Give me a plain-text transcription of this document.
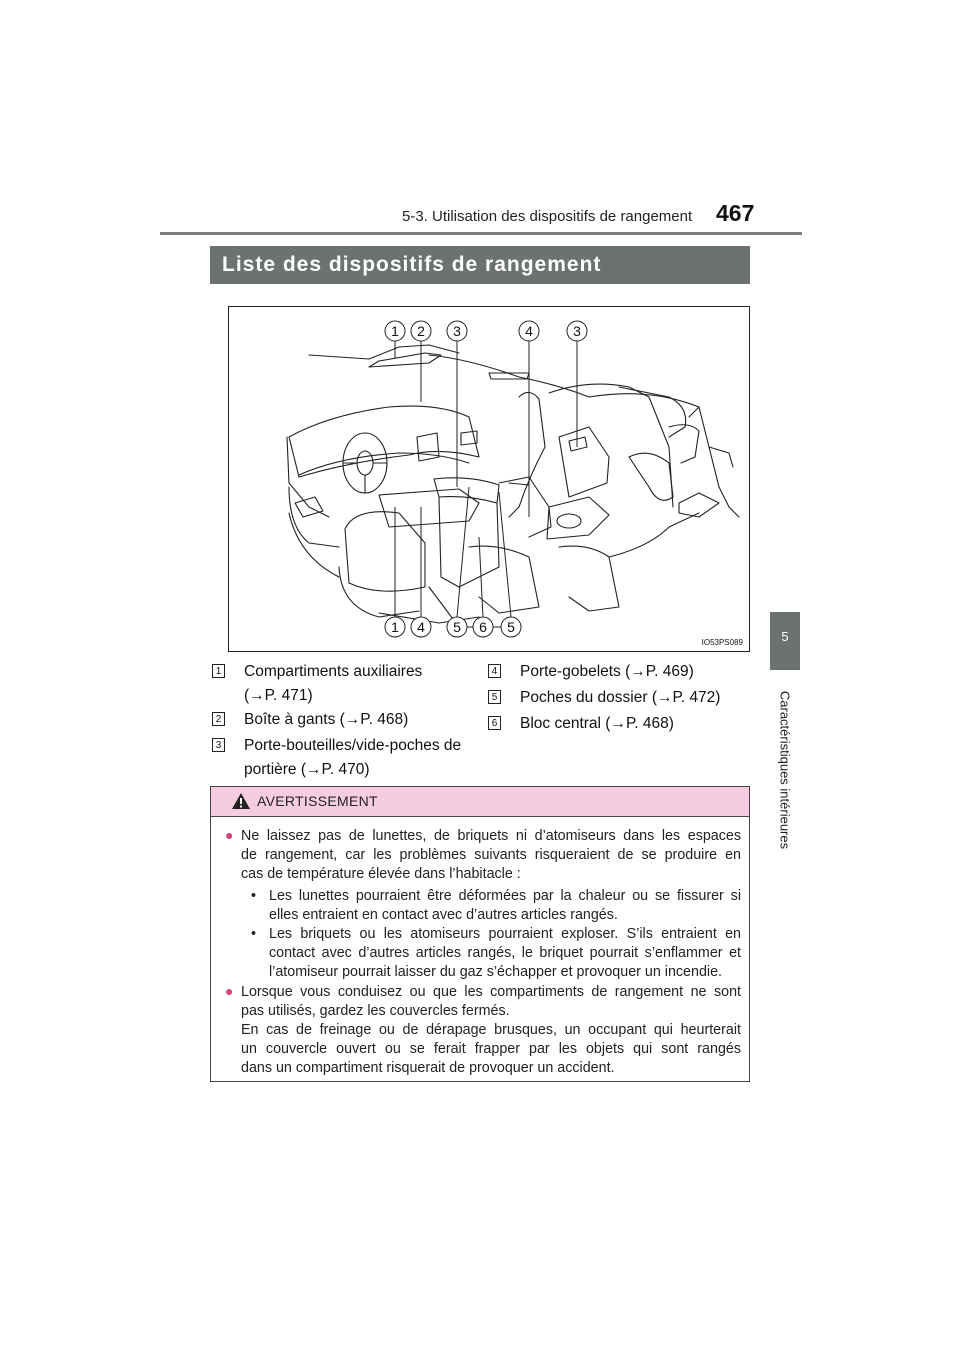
5-3. Utilisation des dispositifs de rangement 467
5
Caractéristiques intérieures
Liste des dispositifs de rangement
1 2 3	4	3
1 4 5 6 5
IO53PS089
1 Compartiments auxiliaires
(→P. 471)
2 Boîte à gants (→P. 468)
3 Porte-bouteilles/vide-poches de
portière (→P. 470)
4 Porte-gobelets (→P. 469)
5 Poches du dossier (→P. 472)
6 Bloc central (→P. 468)
AVERTISSEMENT
● Ne laissez pas de lunettes, de briquets ni d’atomiseurs dans les espaces
de rangement, car les problèmes suivants risqueraient de se produire en
cas de température élevée dans l’habitacle :
• Les lunettes pourraient être déformées par la chaleur ou se fissurer si
elles entraient en contact avec d’autres articles rangés.
• Les briquets ou les atomiseurs pourraient exploser. S’ils entraient en
contact avec d’autres articles rangés, le briquet pourrait s’enflammer et
l’atomiseur pourrait laisser du gaz s’échapper et provoquer un incendie.
● Lorsque vous conduisez ou que les compartiments de rangement ne sont
pas utilisés, gardez les couvercles fermés.
En cas de freinage ou de dérapage brusques, un occupant qui heurterait
un couvercle ouvert ou se ferait frapper par les objets qui sont rangés
dans un compartiment risquerait de provoquer un accident.
